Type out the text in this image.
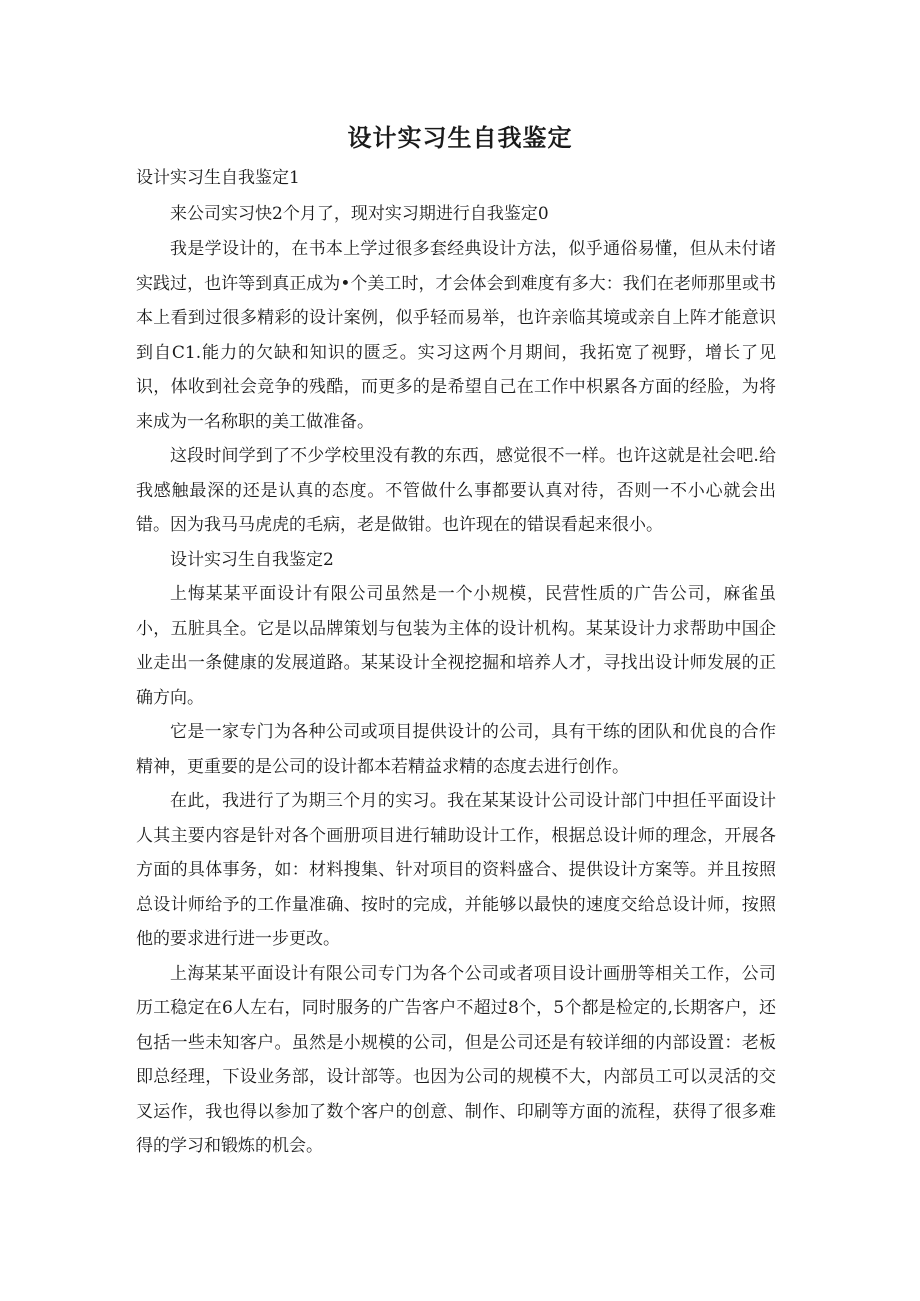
设计实习生自我鉴定

设计实习生自我鉴定1

来公司实习快2个月了，现对实习期进行自我鉴定0

我是学设计的，在书本上学过很多套经典设计方法，似乎通俗易懂，但从未付诸实践过，也许等到真正成为•个美工时，才会体会到难度有多大：我们在老师那里或书本上看到过很多精彩的设计案例，似乎轻而易举，也许亲临其境或亲自上阵才能意识到自C1.能力的欠缺和知识的匮乏。实习这两个月期间，我拓宽了视野，增长了见识，体收到社会竞争的残酷，而更多的是希望自己在工作中枳累各方面的经脸，为将来成为一名称职的美工做准备。

这段时间学到了不少学校里没有教的东西，感觉很不一样。也许这就是社会吧.给我感触最深的还是认真的态度。不管做什么事都要认真对待，否则一不小心就会出错。因为我马马虎虎的毛病，老是做钳。也许现在的错误看起来很小。

设计实习生自我鉴定2

上悔某某平面设计有限公司虽然是一个小规模，民营性质的广告公司，麻雀虽小，五脏具全。它是以品牌策划与包装为主体的设计机构。某某设计力求帮助中国企业走出一条健康的发展道路。某某设计全视挖掘和培养人才，寻找出设计师发展的正确方向。

它是一家专门为各种公司或项目提供设计的公司，具有干练的团队和优良的合作精神，更重要的是公司的设计都本若精益求精的态度去进行创作。

在此，我进行了为期三个月的实习。我在某某设计公司设计部门中担任平面设计人其主要内容是针对各个画册项目进行辅助设计工作，根据总设计师的理念，开展各方面的具体事务，如：材料搜集、针对项目的资料盛合、提供设计方案等。并且按照总设计师给予的工作量准确、按时的完成，并能够以最快的速度交给总设计师，按照他的要求进行进一步更改。

上海某某平面设计有限公司专门为各个公司或者项目设计画册等相关工作，公司历工稳定在6人左右，同时服务的广告客户不超过8个，5个都是检定的,长期客户，还包括一些未知客户。虽然是小规模的公司，但是公司还是有较详细的内部设置：老板即总经理，下设业务部，设计部等。也因为公司的规模不大，内部员工可以灵活的交叉运作，我也得以参加了数个客户的创意、制作、印刷等方面的流程，获得了很多难得的学习和锻炼的机会。
